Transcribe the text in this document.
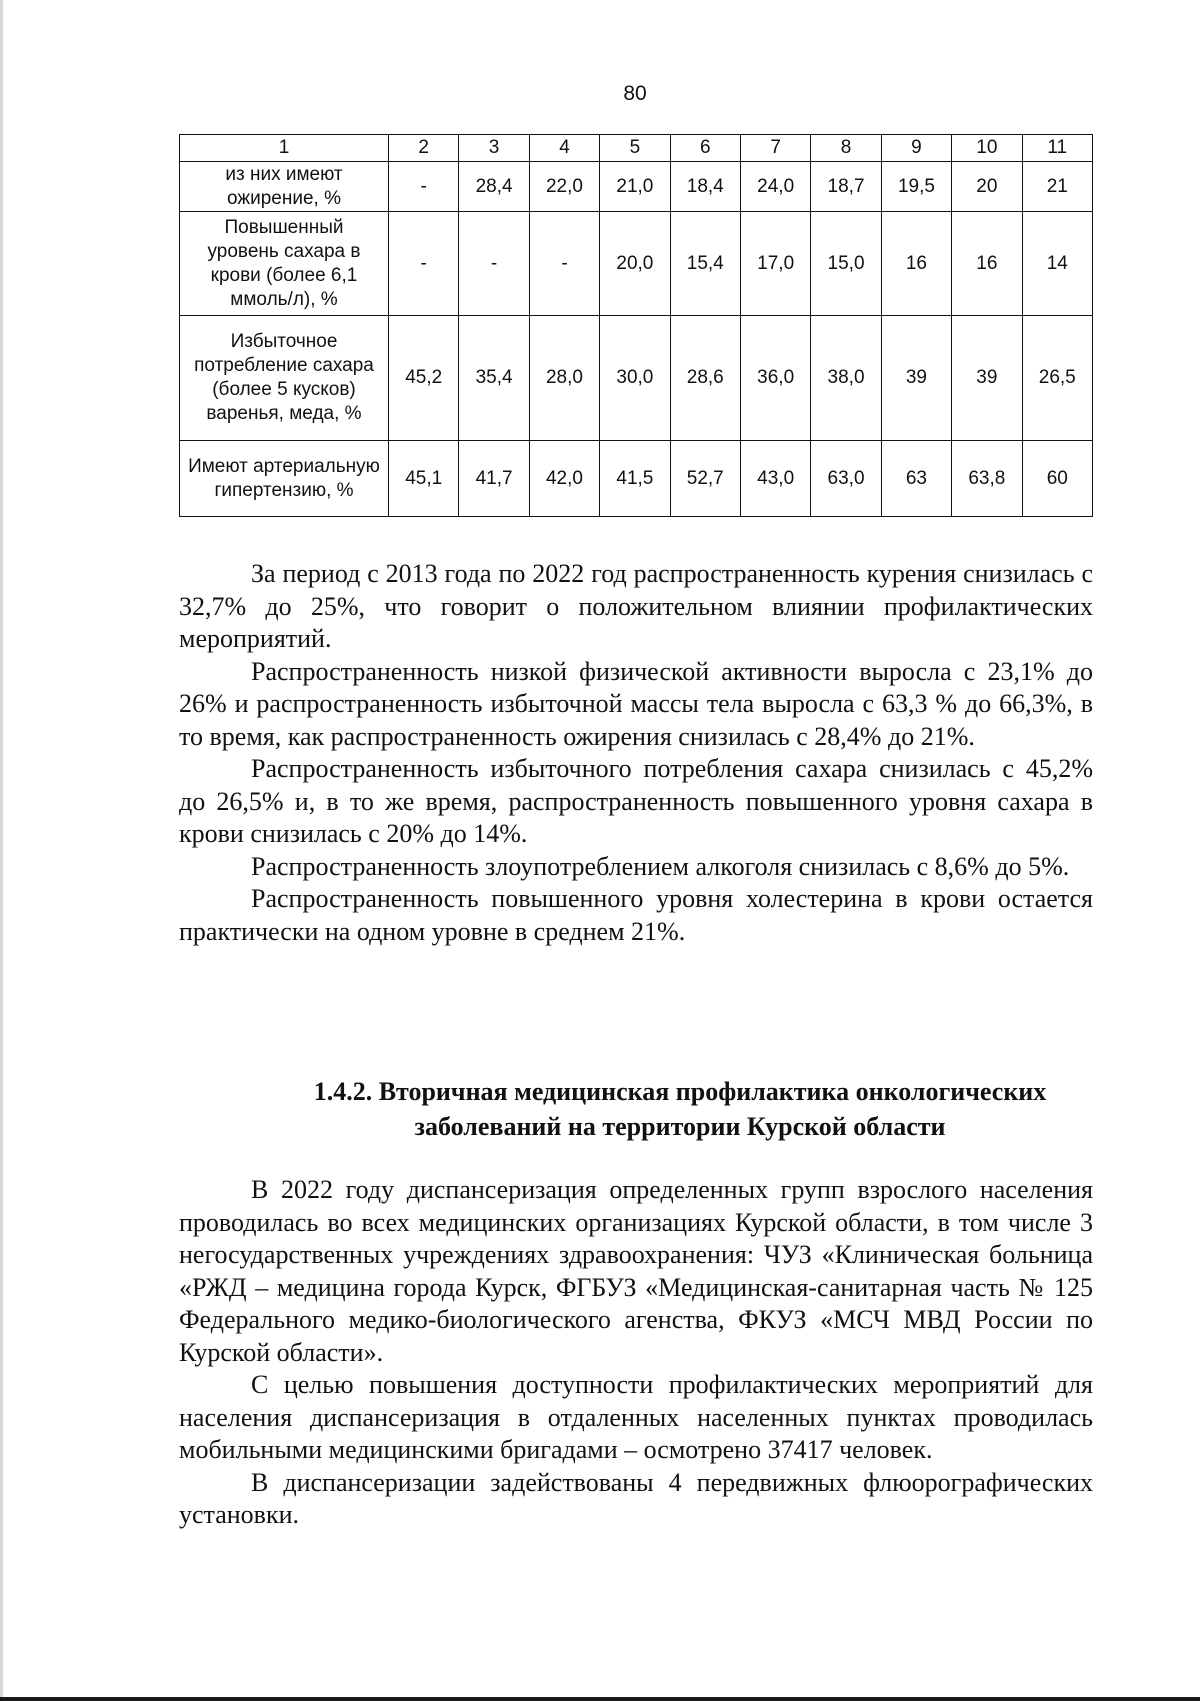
80
1	2	3	4	5	6	7	8	9	10	11
из них имеют ожирение, %	-	28,4	22,0	21,0	18,4	24,0	18,7	19,5	20	21
Повышенный уровень сахара в крови (более 6,1 ммоль/л), %	-	-	-	20,0	15,4	17,0	15,0	16	16	14
Избыточное потребление сахара (более 5 кусков) варенья, меда, %	45,2	35,4	28,0	30,0	28,6	36,0	38,0	39	39	26,5
Имеют артериальную гипертензию, %	45,1	41,7	42,0	41,5	52,7	43,0	63,0	63	63,8	60

За период с 2013 года по 2022 год распространенность курения снизилась с 32,7% до 25%, что говорит о положительном влиянии профилактических мероприятий.

Распространенность низкой физической активности выросла с 23,1% до 26% и распространенность избыточной массы тела выросла с 63,3 % до 66,3%, в то время, как распространенность ожирения снизилась с 28,4% до 21%.

Распространенность избыточного потребления сахара снизилась с 45,2% до 26,5% и, в то же время, распространенность повышенного уровня сахара в крови снизилась с 20% до 14%.

Распространенность злоупотреблением алкоголя снизилась с 8,6% до 5%.

Распространенность повышенного уровня холестерина в крови остается практически на одном уровне в среднем 21%.

1.4.2. Вторичная медицинская профилактика онкологических заболеваний на территории Курской области

В 2022 году диспансеризация определенных групп взрослого населения проводилась во всех медицинских организациях Курской области, в том числе 3 негосударственных учреждениях здравоохранения: ЧУЗ «Клиническая больница «РЖД – медицина города Курск, ФГБУЗ «Медицинская-санитарная часть № 125 Федерального медико-биологического агенства, ФКУЗ «МСЧ МВД России по Курской области».

С целью повышения доступности профилактических мероприятий для населения диспансеризация в отдаленных населенных пунктах проводилась мобильными медицинскими бригадами – осмотрено 37417 человек.

В диспансеризации задействованы 4 передвижных флюорографических установки.
